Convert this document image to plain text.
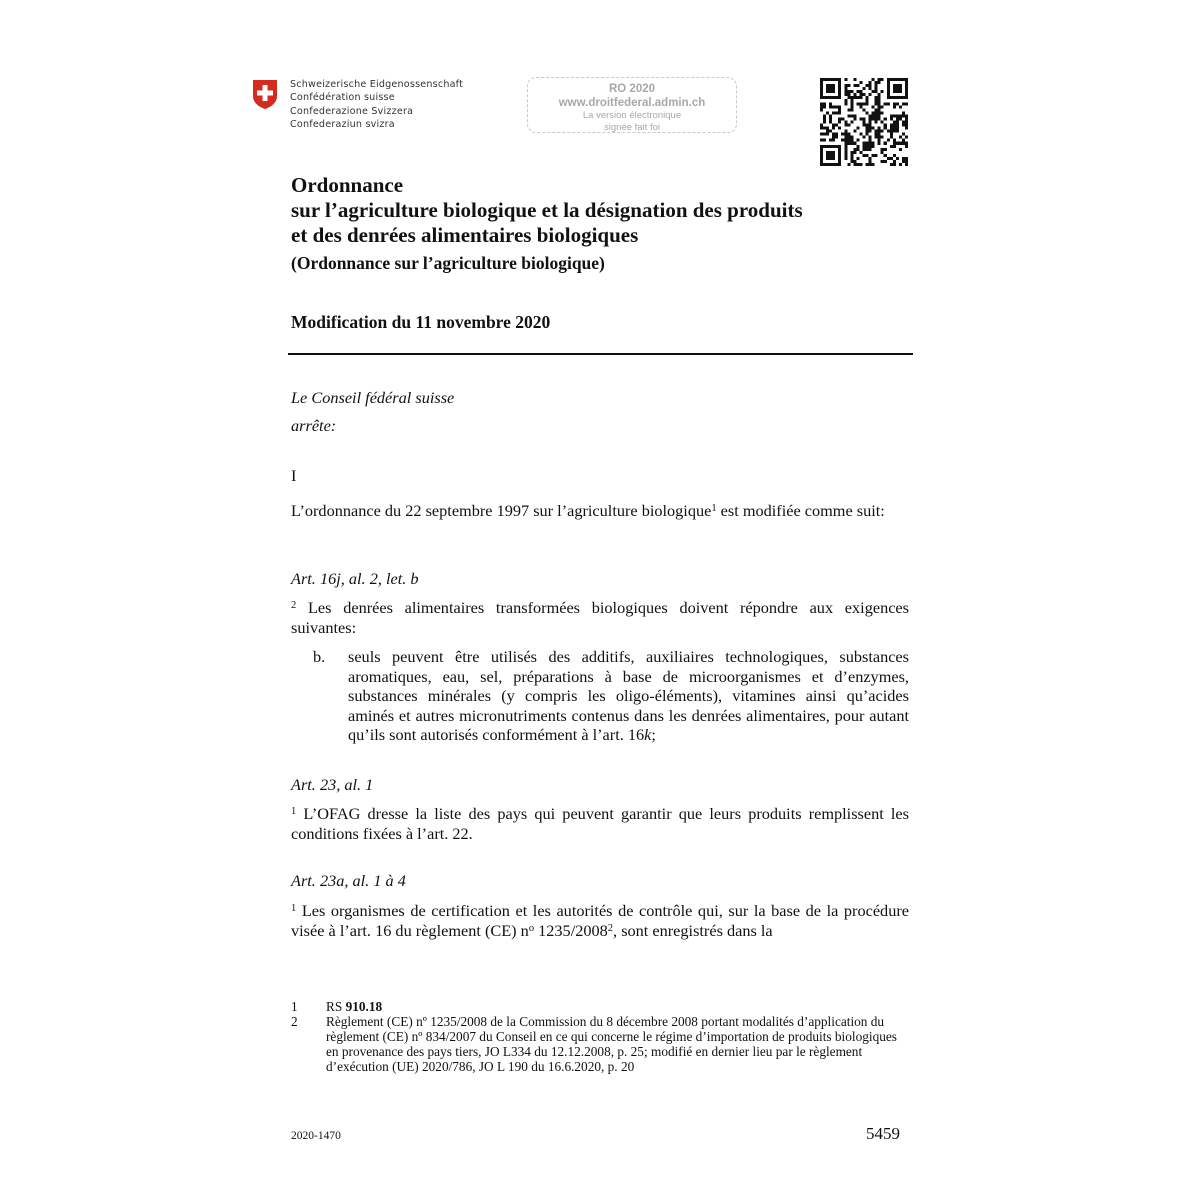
Schweizerische Eidgenossenschaft
Confédération suisse
Confederazione Svizzera
Confederaziun svizra
RO 2020
www.droitfederal.admin.ch
La version électronique
signée fait foi
Ordonnance
sur l’agriculture biologique et la désignation des produits
et des denrées alimentaires biologiques
(Ordonnance sur l’agriculture biologique)
Modification du 11 novembre 2020
Le Conseil fédéral suisse
arrête:
I
L’ordonnance du 22 septembre 1997 sur l’agriculture biologique$^1$ est modifiée comme suit:
Art. 16j, al. 2, let. b
$^2$ Les denrées alimentaires transformées biologiques doivent répondre aux exigences suivantes:
b. seuls peuvent être utilisés des additifs, auxiliaires technologiques, substances aromatiques, eau, sel, préparations à base de microorganismes et d’enzymes, substances minérales (y compris les oligo-éléments), vitamines ainsi qu’acides aminés et autres micronutriments contenus dans les denrées alimentaires, pour autant qu’ils sont autorisés conformément à l’art. 16k;
Art. 23, al. 1
$^1$ L’OFAG dresse la liste des pays qui peuvent garantir que leurs produits remplissent les conditions fixées à l’art. 22.
Art. 23a, al. 1 à 4
$^1$ Les organismes de certification et les autorités de contrôle qui, sur la base de la procédure visée à l’art. 16 du règlement (CE) $n^o$ 1235/2008$^2$, sont enregistrés dans la
1 RS 910.18
2 Règlement (CE) nº 1235/2008 de la Commission du 8 décembre 2008 portant modalités d’application du règlement (CE) nº 834/2007 du Conseil en ce qui concerne le régime d’importation de produits biologiques en provenance des pays tiers, JO L334 du 12.12.2008, p. 25; modifié en dernier lieu par le règlement d’exécution (UE) 2020/786, JO L 190 du 16.6.2020, p. 20
2020-1470	5459
